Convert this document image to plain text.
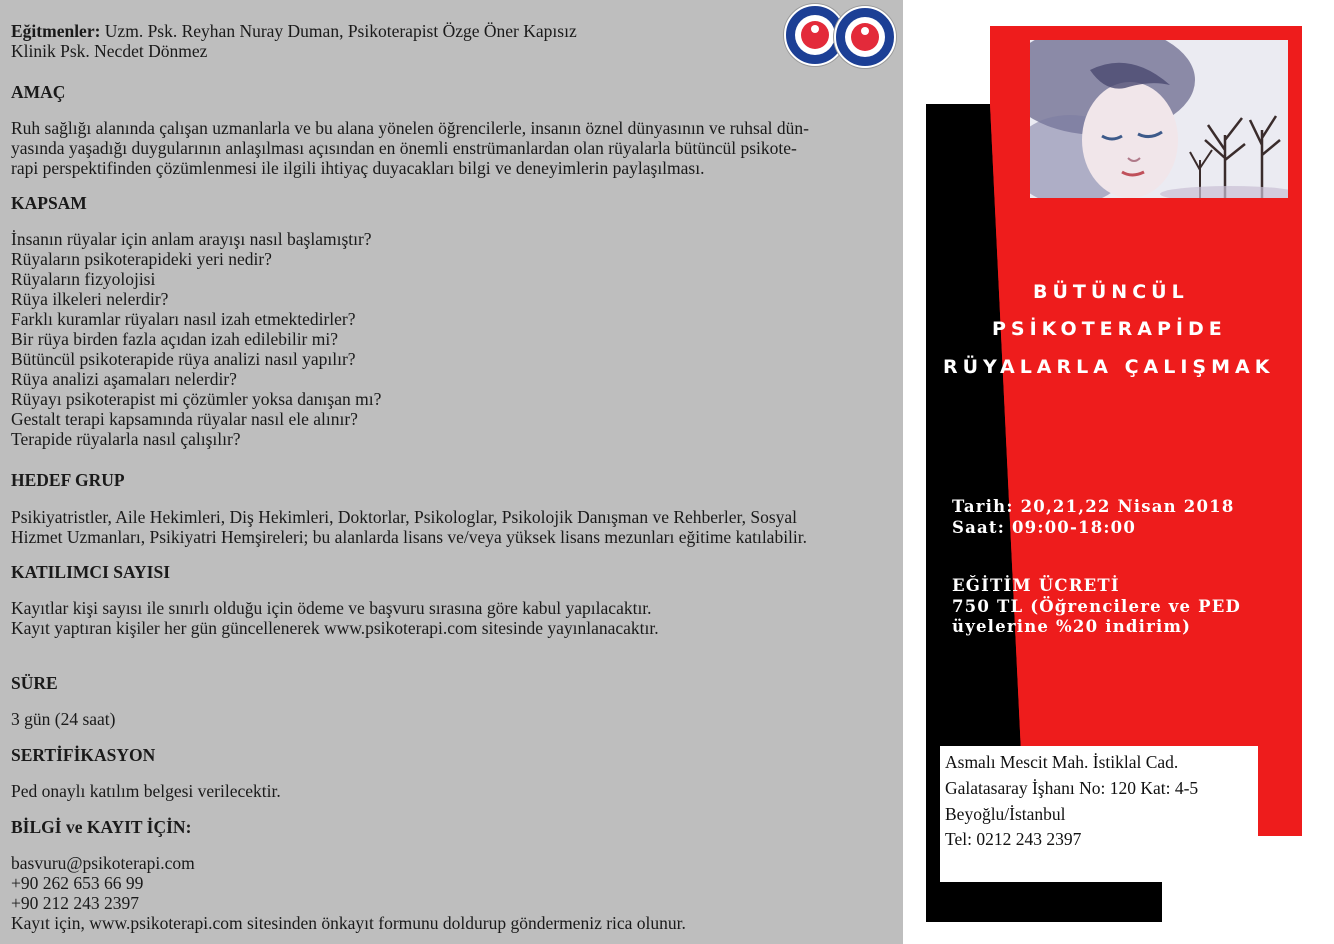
Eğitmenler: Uzm. Psk. Reyhan Nuray Duman, Psikoterapist Özge Öner Kapısız
Klinik Psk. Necdet Dönmez
AMAÇ
Ruh sağlığı alanında çalışan uzmanlarla ve bu alana yönelen öğrencilerle, insanın öznel dünyasının ve ruhsal dün-
yasında yaşadığı duygularının anlaşılması açısından en önemli enstrümanlardan olan rüyalarla bütüncül psikote-
rapi perspektifinden çözümlenmesi ile ilgili ihtiyaç duyacakları bilgi ve deneyimlerin paylaşılması.
KAPSAM
İnsanın rüyalar için anlam arayışı nasıl başlamıştır?
Rüyaların psikoterapideki yeri nedir?
Rüyaların fizyolojisi
Rüya ilkeleri nelerdir?
Farklı kuramlar rüyaları nasıl izah etmektedirler?
Bir rüya birden fazla açıdan izah edilebilir mi?
Bütüncül psikoterapide rüya analizi nasıl yapılır?
Rüya analizi aşamaları nelerdir?
Rüyayı psikoterapist mi çözümler yoksa danışan mı?
Gestalt terapi kapsamında rüyalar nasıl ele alınır?
Terapide rüyalarla nasıl çalışılır?
HEDEF GRUP
Psikiyatristler, Aile Hekimleri, Diş Hekimleri, Doktorlar, Psikologlar, Psikolojik Danışman ve Rehberler, Sosyal
Hizmet Uzmanları, Psikiyatri Hemşireleri; bu alanlarda lisans ve/veya yüksek lisans mezunları eğitime katılabilir.
KATILIMCI SAYISI
Kayıtlar kişi sayısı ile sınırlı olduğu için ödeme ve başvuru sırasına göre kabul yapılacaktır.
Kayıt yaptıran kişiler her gün güncellenerek www.psikoterapi.com sitesinde yayınlanacaktır.
SÜRE
3 gün (24 saat)
SERTİFİKASYON
Ped onaylı katılım belgesi verilecektir.
BİLGİ ve KAYIT İÇİN:
basvuru@psikoterapi.com
+90 262 653 66 99
+90 212 243 2397
Kayıt için, www.psikoterapi.com sitesinden önkayıt formunu doldurup göndermeniz rica olunur.
BÜTÜNCÜL
PSİKOTERAPİDE
RÜYALARLA ÇALIŞMAK
Tarih: 20,21,22 Nisan 2018
Saat: 09:00-18:00
EĞİTİM ÜCRETİ
750 TL (Öğrencilere ve PED
üyelerine %20 indirim)
Asmalı Mescit Mah. İstiklal Cad.
Galatasaray İşhanı No: 120 Kat: 4-5
Beyoğlu/İstanbul
Tel: 0212 243 2397
